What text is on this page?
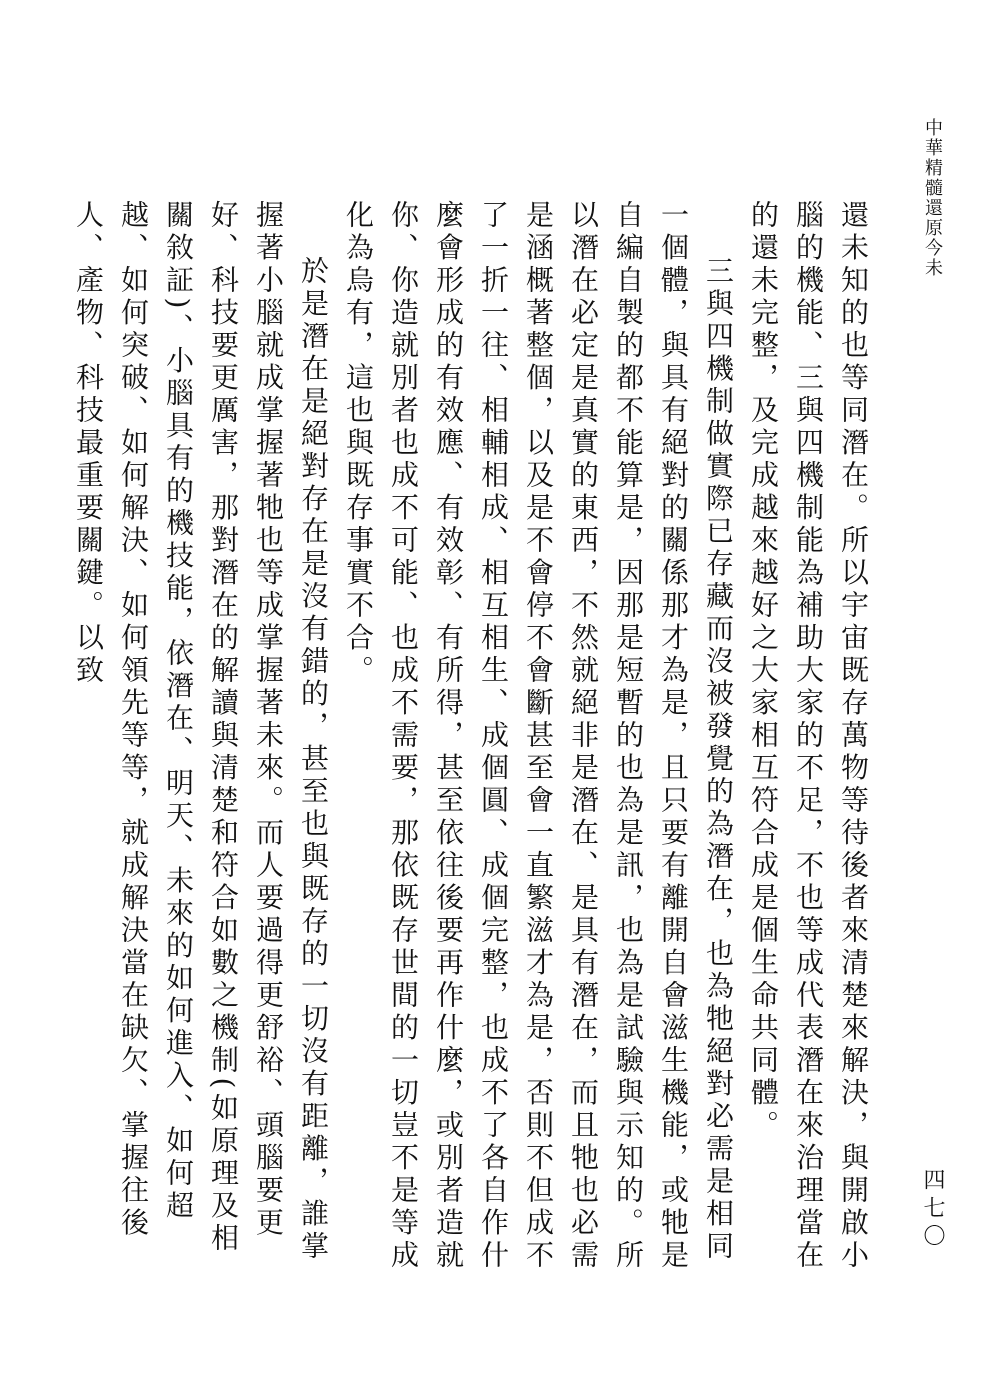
中華精髓還原今未

還未知的也等同潛在。所以宇宙既存萬物等待後者來清楚來解決，與開啟小腦的機能、三與四機制能為補助大家的不足，不也等成代表潛在來治理當在的還未完整，及完成越來越好之大家相互符合成是個生命共同體。

三與四機制做實際已存藏而沒被發覺的為潛在，也為牠絕對必需是相同一個體，與具有絕對的關係那才為是，且只要有離開自會滋生機能，或牠是自編自製的都不能算是，因那是短暫的也為是訊，也為是試驗與示知的。所以潛在必定是真實的東西，不然就絕非是潛在、是具有潛在，而且牠也必需是涵概著整個，以及是不會停不會斷甚至會一直繁滋才為是，否則不但成不了一折一往、相輔相成、相互相生、成個圓、成個完整，也成不了各自作什麼會形成的有效應、有效彰、有所得，甚至依往後要再作什麼，或別者造就你、你造就別者也成不可能、也成不需要，那依既存世間的一切豈不是等成化為烏有，這也與既存事實不合。

於是潛在是絕對存在是沒有錯的，甚至也與既存的一切沒有距離，誰掌握著小腦就成掌握著牠也等成掌握著未來。而人要過得更舒裕、頭腦要更好、科技要更厲害，那對潛在的解讀與清楚和符合如數之機制(如原理及相關敘証)、小腦具有的機技能，依潛在、明天、未來的如何進入、如何超越、如何突破、如何解決、如何領先等等，就成解決當在缺欠、掌握往後人、產物、科技最重要關鍵。以致

四七〇
